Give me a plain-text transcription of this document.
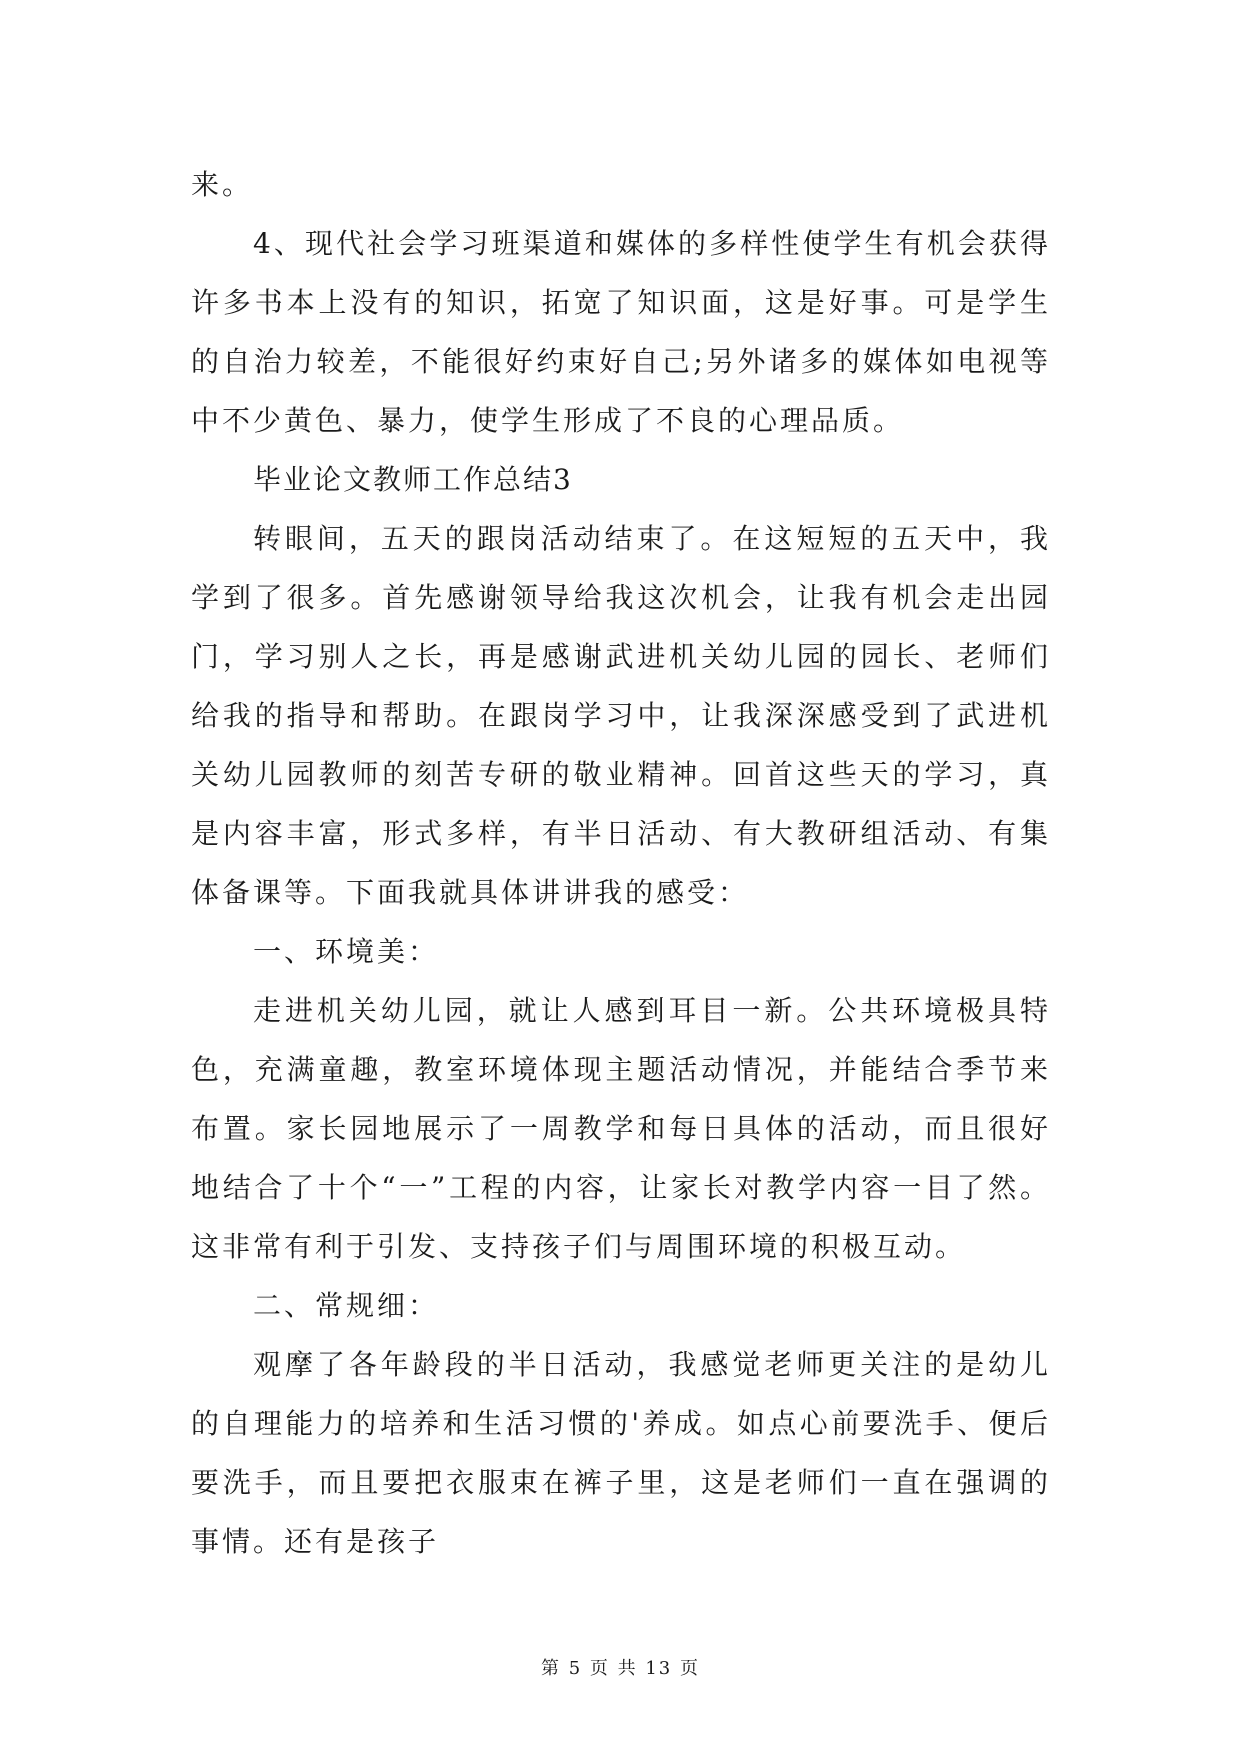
来。

4、现代社会学习班渠道和媒体的多样性使学生有机会获得许多书本上没有的知识，拓宽了知识面，这是好事。可是学生的自治力较差，不能很好约束好自己;另外诸多的媒体如电视等中不少黄色、暴力，使学生形成了不良的心理品质。

毕业论文教师工作总结3

转眼间，五天的跟岗活动结束了。在这短短的五天中，我学到了很多。首先感谢领导给我这次机会，让我有机会走出园门，学习别人之长，再是感谢武进机关幼儿园的园长、老师们给我的指导和帮助。在跟岗学习中，让我深深感受到了武进机关幼儿园教师的刻苦专研的敬业精神。回首这些天的学习，真是内容丰富，形式多样，有半日活动、有大教研组活动、有集体备课等。下面我就具体讲讲我的感受：

一、环境美：

走进机关幼儿园，就让人感到耳目一新。公共环境极具特色，充满童趣，教室环境体现主题活动情况，并能结合季节来布置。家长园地展示了一周教学和每日具体的活动，而且很好地结合了十个“一”工程的内容，让家长对教学内容一目了然。这非常有利于引发、支持孩子们与周围环境的积极互动。

二、常规细：

观摩了各年龄段的半日活动，我感觉老师更关注的是幼儿的自理能力的培养和生活习惯的'养成。如点心前要洗手、便后要洗手，而且要把衣服束在裤子里，这是老师们一直在强调的事情。还有是孩子

第 5 页 共 13 页
